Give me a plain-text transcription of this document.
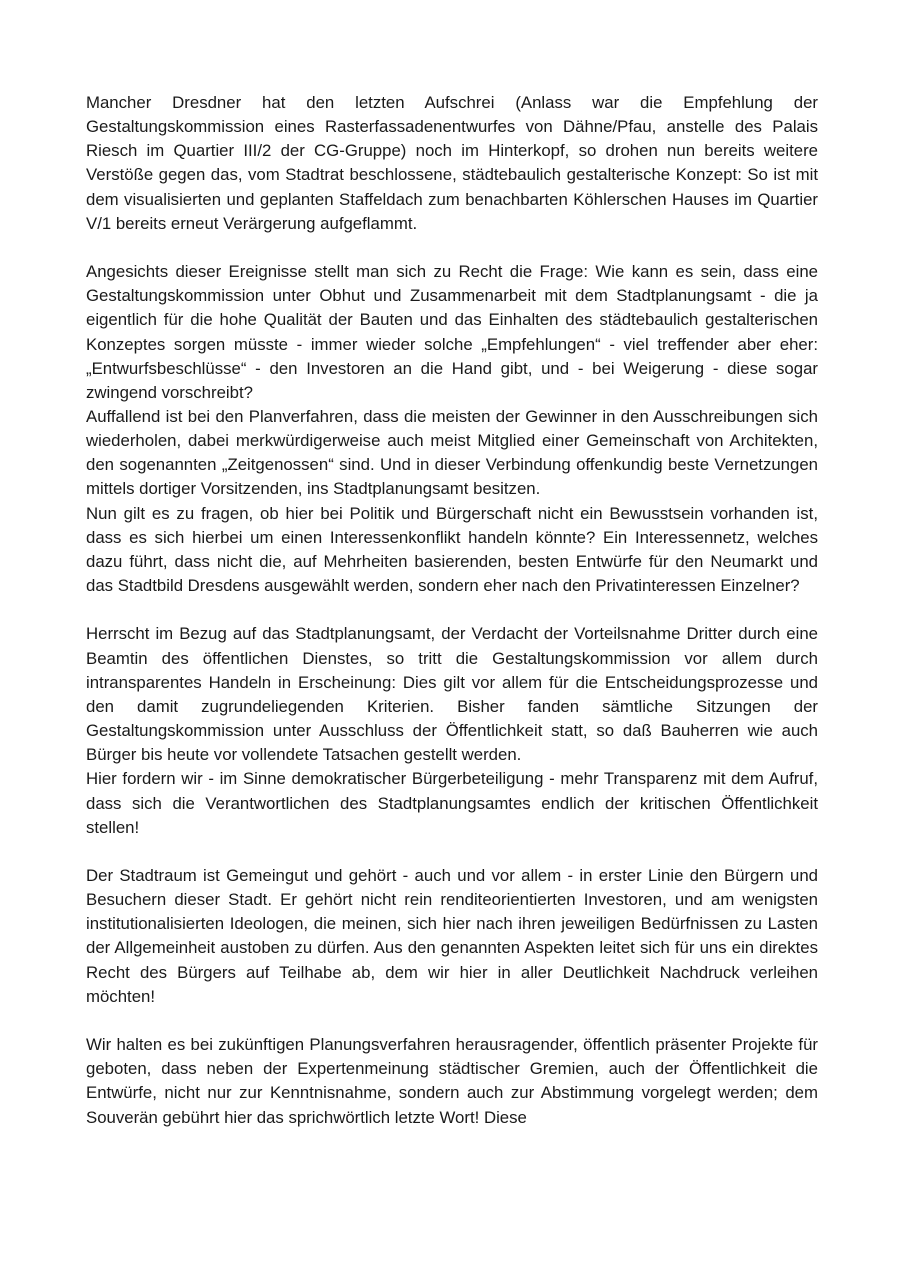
Mancher Dresdner hat den letzten Aufschrei (Anlass war die Empfehlung der Gestaltungskommission eines Rasterfassadenentwurfes von Dähne/Pfau, anstelle des Palais Riesch im Quartier III/2 der CG-Gruppe) noch im Hinterkopf, so drohen nun bereits weitere Verstöße gegen das, vom Stadtrat beschlossene, städtebaulich gestalterische Konzept: So ist mit dem visualisierten und geplanten Staffeldach zum benachbarten Köhlerschen Hauses im Quartier V/1 bereits erneut Verärgerung aufgeflammt.

Angesichts dieser Ereignisse stellt man sich zu Recht die Frage: Wie kann es sein, dass eine Gestaltungskommission unter Obhut und Zusammenarbeit mit dem Stadtplanungsamt - die ja eigentlich für die hohe Qualität der Bauten und das Einhalten des städtebaulich gestalterischen Konzeptes sorgen müsste - immer wieder solche „Empfehlungen“ - viel treffender aber eher: „Entwurfsbeschlüsse“ - den Investoren an die Hand gibt, und - bei Weigerung - diese sogar zwingend vorschreibt?

Auffallend ist bei den Planverfahren, dass die meisten der Gewinner in den Ausschreibungen sich wiederholen, dabei merkwürdigerweise auch meist Mitglied einer Gemeinschaft von Architekten, den sogenannten „Zeitgenossen“ sind. Und in dieser Verbindung offenkundig beste Vernetzungen mittels dortiger Vorsitzenden, ins Stadtplanungsamt besitzen.

Nun gilt es zu fragen, ob hier bei Politik und Bürgerschaft nicht ein Bewusstsein vorhanden ist, dass es sich hierbei um einen Interessenkonflikt handeln könnte? Ein Interessennetz, welches dazu führt, dass nicht die, auf Mehrheiten basierenden, besten Entwürfe für den Neumarkt und das Stadtbild Dresdens ausgewählt werden, sondern eher nach den Privatinteressen Einzelner?

Herrscht im Bezug auf das Stadtplanungsamt, der Verdacht der Vorteilsnahme Dritter durch eine Beamtin des öffentlichen Dienstes, so tritt die Gestaltungskommission vor allem durch intransparentes Handeln in Erscheinung: Dies gilt vor allem für die Entscheidungsprozesse und den damit zugrundeliegenden Kriterien. Bisher fanden sämtliche Sitzungen der Gestaltungskommission unter Ausschluss der Öffentlichkeit statt, so daß Bauherren wie auch Bürger bis heute vor vollendete Tatsachen gestellt werden.

Hier fordern wir - im Sinne demokratischer Bürgerbeteiligung - mehr Transparenz mit dem Aufruf, dass sich die Verantwortlichen des Stadtplanungsamtes endlich der kritischen Öffentlichkeit stellen!

Der Stadtraum ist Gemeingut und gehört - auch und vor allem - in erster Linie den Bürgern und Besuchern dieser Stadt. Er gehört nicht rein renditeorientierten Investoren, und am wenigsten institutionalisierten Ideologen, die meinen, sich hier nach ihren jeweiligen Bedürfnissen zu Lasten der Allgemeinheit austoben zu dürfen. Aus den genannten Aspekten leitet sich für uns ein direktes Recht des Bürgers auf Teilhabe ab, dem wir hier in aller Deutlichkeit Nachdruck verleihen möchten!

Wir halten es bei zukünftigen Planungsverfahren herausragender, öffentlich präsenter Projekte für geboten, dass neben der Expertenmeinung städtischer Gremien, auch der Öffentlichkeit die Entwürfe, nicht nur zur Kenntnisnahme, sondern auch zur Abstimmung vorgelegt werden; dem Souverän gebührt hier das sprichwörtlich letzte Wort! Diese
